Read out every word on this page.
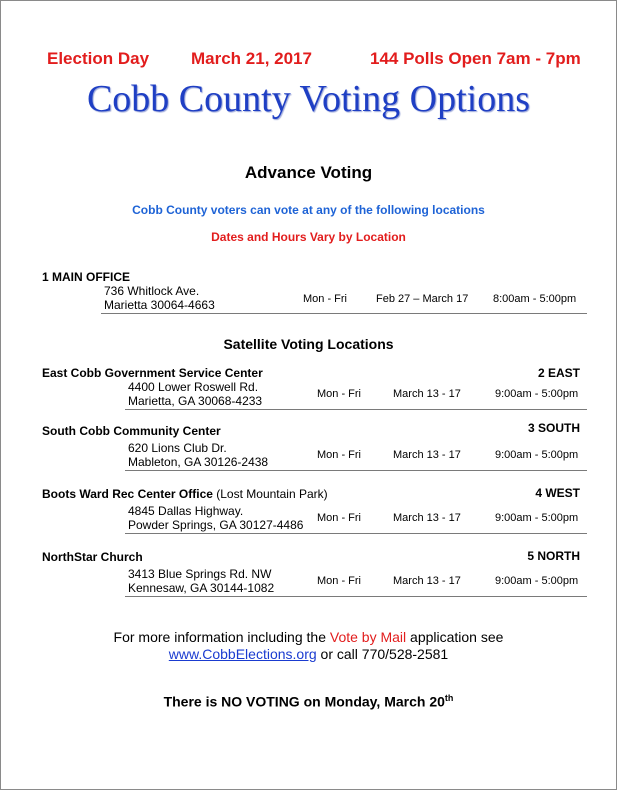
Election Day March 21, 2017	144 Polls Open 7am - 7pm
Cobb County Voting Options
Advance Voting
Cobb County voters can vote at any of the following locations
Dates and Hours Vary by Location
1 MAIN OFFICE
736 Whitlock Ave.
Marietta 30064-4663	Mon - Fri	Feb 27 – March 17 8:00am - 5:00pm
Satellite Voting Locations
East Cobb Government Service Center	2 EAST
4400 Lower Roswell Rd.
Marietta, GA 30068-4233	Mon - Fri	March 13 - 17	9:00am - 5:00pm
South Cobb Community Center	3 SOUTH
620 Lions Club Dr.
Mableton, GA 30126-2438	Mon - Fri	March 13 - 17	9:00am - 5:00pm
Boots Ward Rec Center Office (Lost Mountain Park)	4 WEST
4845 Dallas Highway.
Powder Springs, GA 30127-4486 Mon - Fri	March 13 - 17	9:00am - 5:00pm
NorthStar Church	5 NORTH
3413 Blue Springs Rd. NW
Kennesaw, GA 30144-1082	Mon - Fri	March 13 - 17	9:00am - 5:00pm
For more information including the Vote by Mail application see
www.CobbElections.org or call 770/528-2581
There is NO VOTING on Monday, March 20th
